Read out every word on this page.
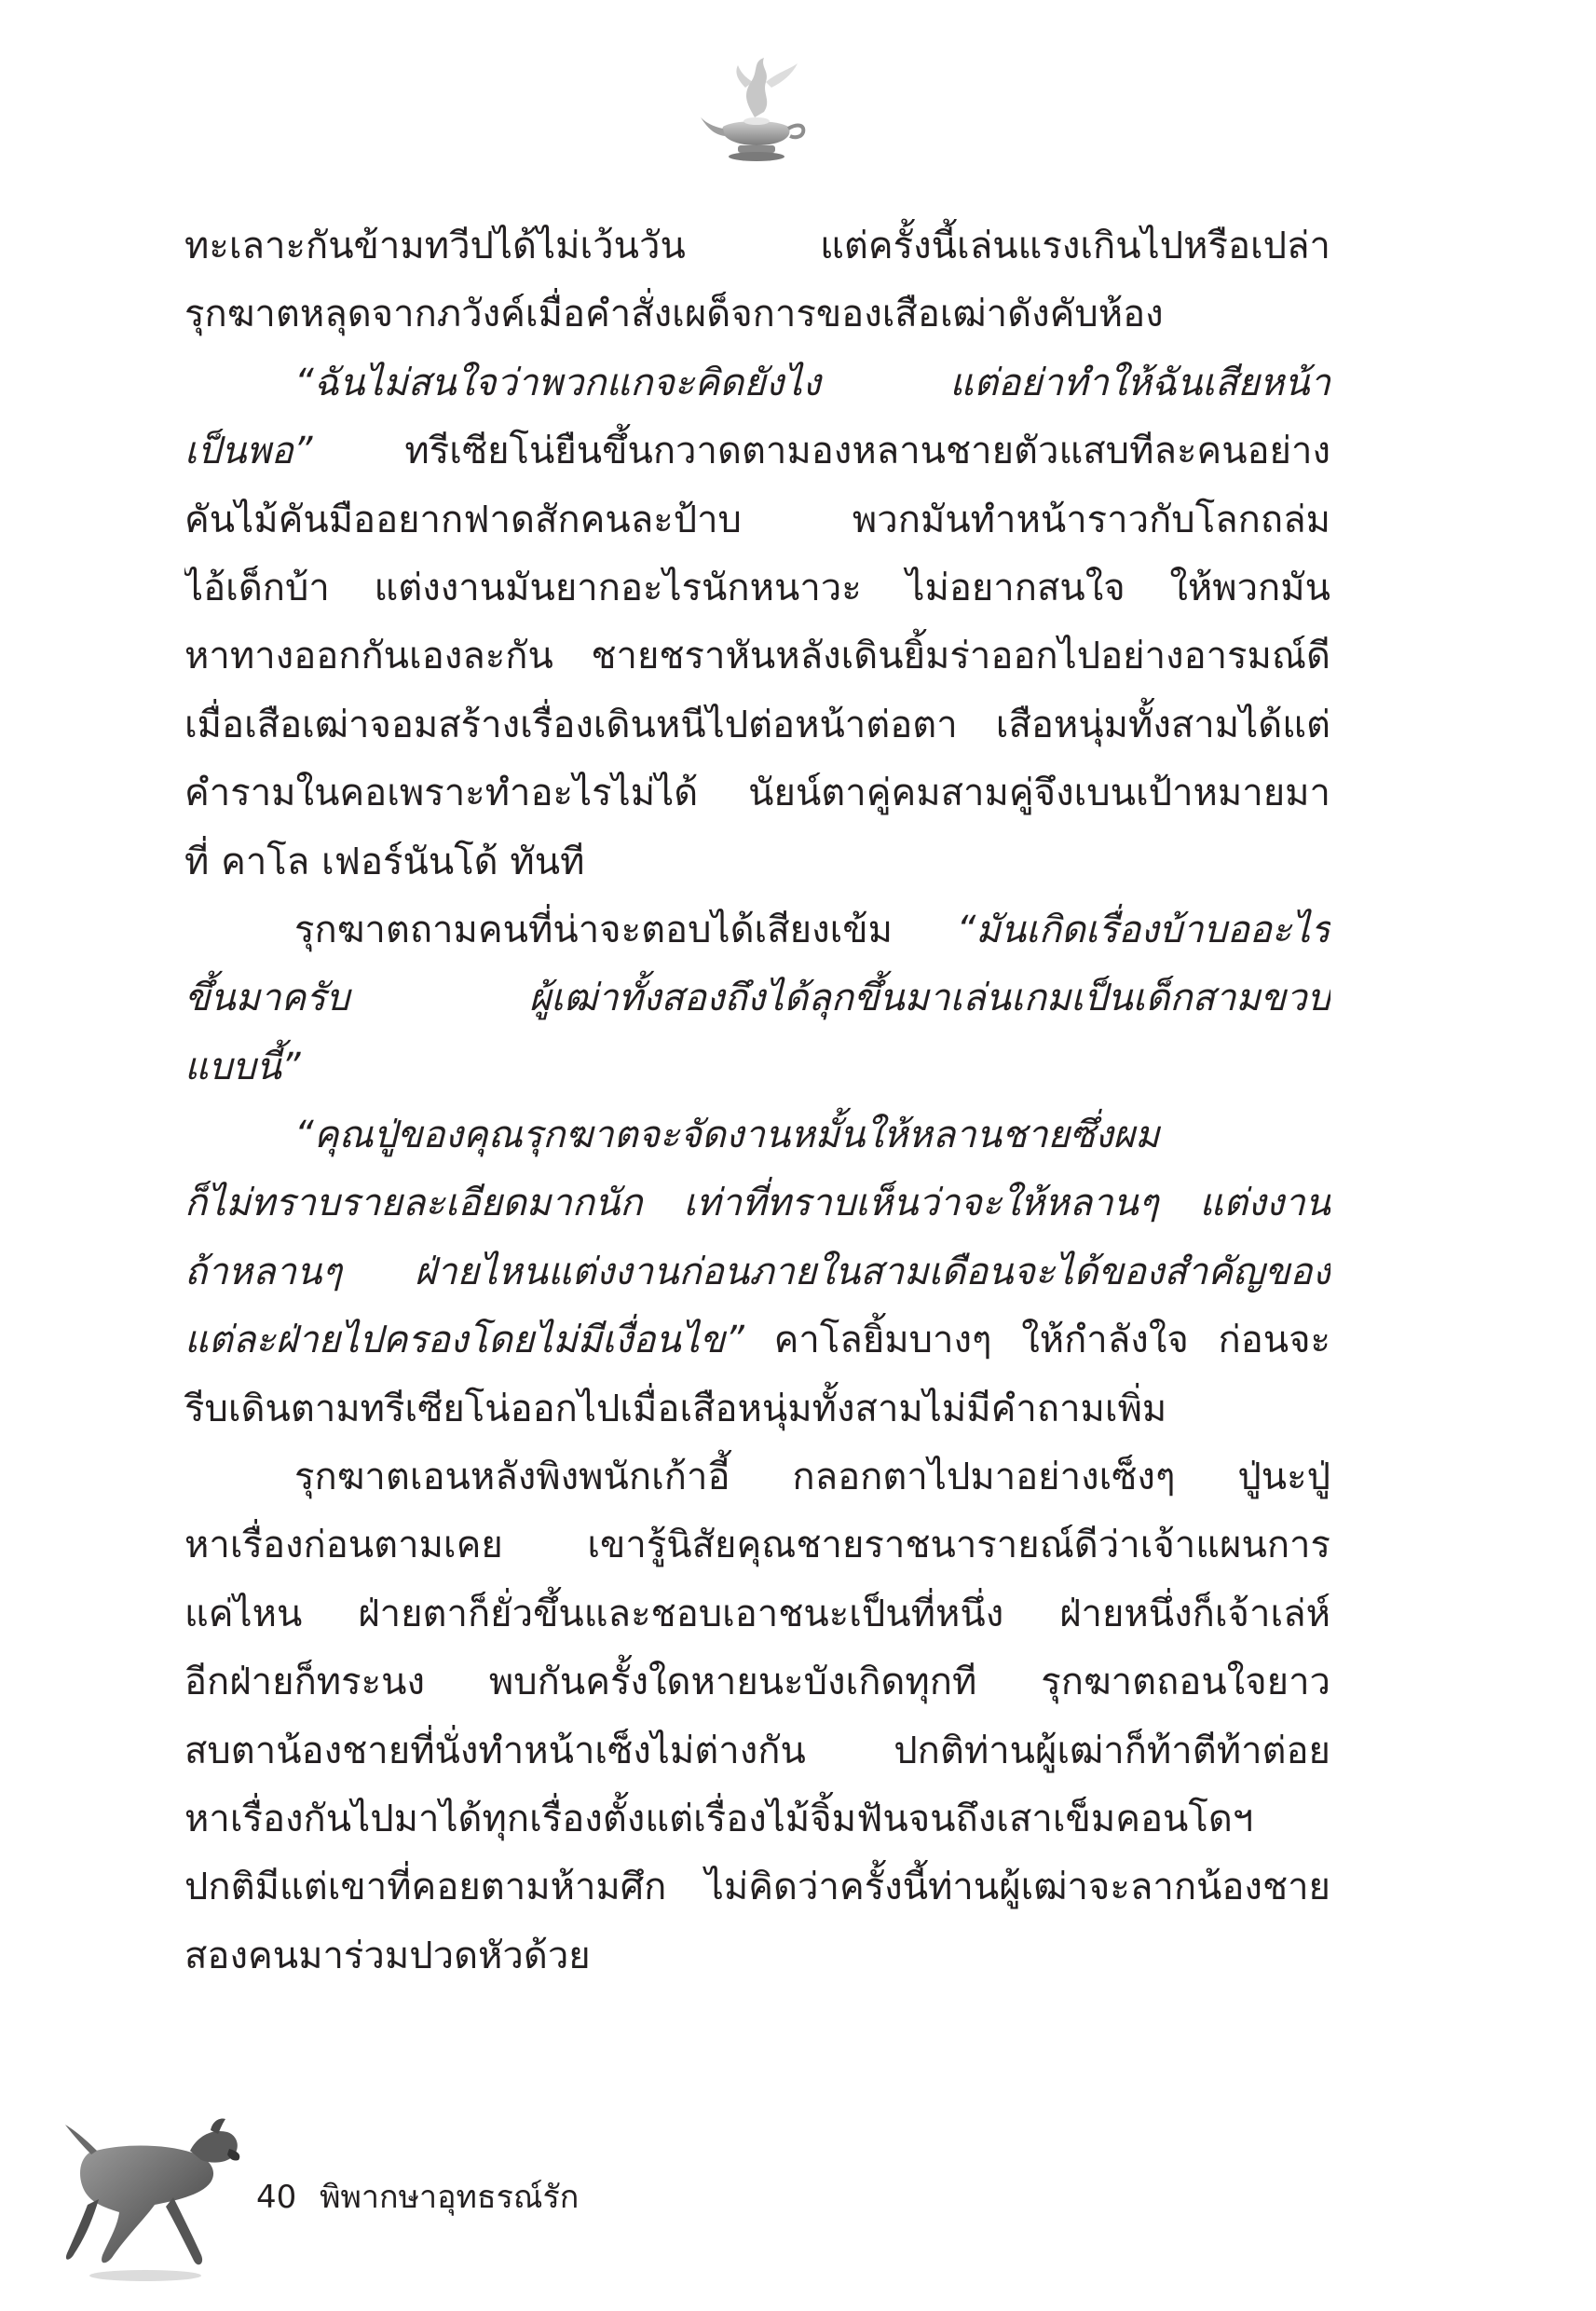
ทะเลาะกันข้ามทวีปได้ไม่เว้นวัน แต่ครั้งนี้เล่นแรงเกินไปหรือเปล่า
รุกฆาตหลุดจากภวังค์เมื่อคำสั่งเผด็จการของเสือเฒ่าดังคับห้อง
“ฉันไม่สนใจว่าพวกแกจะคิดยังไง แต่อย่าทำให้ฉันเสียหน้า
เป็นพอ” ทรีเซียโน่ยืนขึ้นกวาดตามองหลานชายตัวแสบทีละคนอย่าง
คันไม้คันมืออยากฟาดสักคนละป้าบ พวกมันทำหน้าราวกับโลกถล่ม
ไอ้เด็กบ้า แต่งงานมันยากอะไรนักหนาวะ ไม่อยากสนใจ ให้พวกมัน
หาทางออกกันเองละกัน ชายชราหันหลังเดินยิ้มร่าออกไปอย่างอารมณ์ดี
เมื่อเสือเฒ่าจอมสร้างเรื่องเดินหนีไปต่อหน้าต่อตา เสือหนุ่มทั้งสามได้แต่
คำรามในคอเพราะทำอะไรไม่ได้ นัยน์ตาคู่คมสามคู่จึงเบนเป้าหมายมา
ที่ คาโล เฟอร์นันโด้ ทันที
รุกฆาตถามคนที่น่าจะตอบได้เสียงเข้ม “มันเกิดเรื่องบ้าบออะไร
ขึ้นมาครับ ผู้เฒ่าทั้งสองถึงได้ลุกขึ้นมาเล่นเกมเป็นเด็กสามขวบ
แบบนี้”
“คุณปู่ของคุณรุกฆาตจะจัดงานหมั้นให้หลานชายซึ่งผม
ก็ไม่ทราบรายละเอียดมากนัก เท่าที่ทราบเห็นว่าจะให้หลานๆ แต่งงาน
ถ้าหลานๆ ฝ่ายไหนแต่งงานก่อนภายในสามเดือนจะได้ของสำคัญของ
แต่ละฝ่ายไปครองโดยไม่มีเงื่อนไข” คาโลยิ้มบางๆ ให้กำลังใจ ก่อนจะ
รีบเดินตามทรีเซียโน่ออกไปเมื่อเสือหนุ่มทั้งสามไม่มีคำถามเพิ่ม
รุกฆาตเอนหลังพิงพนักเก้าอี้ กลอกตาไปมาอย่างเซ็งๆ ปู่นะปู่
หาเรื่องก่อนตามเคย เขารู้นิสัยคุณชายราชนารายณ์ดีว่าเจ้าแผนการ
แค่ไหน ฝ่ายตาก็ยั่วขึ้นและชอบเอาชนะเป็นที่หนึ่ง ฝ่ายหนึ่งก็เจ้าเล่ห์
อีกฝ่ายก็ทระนง พบกันครั้งใดหายนะบังเกิดทุกที รุกฆาตถอนใจยาว
สบตาน้องชายที่นั่งทำหน้าเซ็งไม่ต่างกัน ปกติท่านผู้เฒ่าก็ท้าตีท้าต่อย
หาเรื่องกันไปมาได้ทุกเรื่องตั้งแต่เรื่องไม้จิ้มฟันจนถึงเสาเข็มคอนโดฯ
ปกติมีแต่เขาที่คอยตามห้ามศึก ไม่คิดว่าครั้งนี้ท่านผู้เฒ่าจะลากน้องชาย
สองคนมาร่วมปวดหัวด้วย
40 พิพากษาอุทธรณ์รัก
